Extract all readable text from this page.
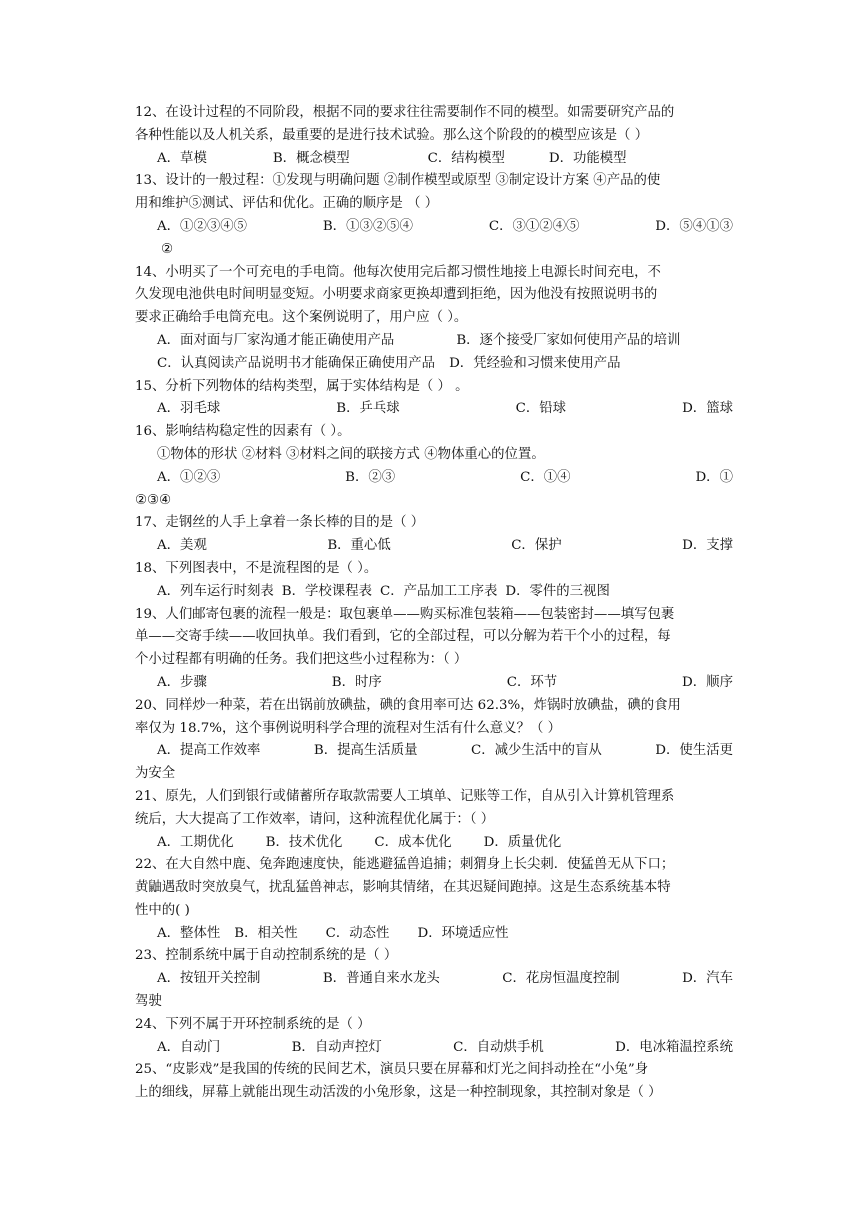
12、在设计过程的不同阶段，根据不同的要求往往需要制作不同的模型。如需要研究产品的
各种性能以及人机关系，最重要的是进行技术试验。那么这个阶段的的模型应该是（ ）
A．草模	B．概念模型	C．结构模型	D．功能模型
13、设计的一般过程：①发现与明确问题 ②制作模型或原型 ③制定设计方案 ④产品的使
用和维护⑤测试、评估和优化。正确的顺序是 （ ）
A．①②③④⑤	B．①③②⑤④	C．③①②④⑤	D．⑤④①③
②
14、小明买了一个可充电的手电筒。他每次使用完后都习惯性地接上电源长时间充电，不
久发现电池供电时间明显变短。小明要求商家更换却遭到拒绝，因为他没有按照说明书的
要求正确给手电筒充电。这个案例说明了，用户应（ ）。
A．面对面与厂家沟通才能正确使用产品	B．逐个接受厂家如何使用产品的培训
C．认真阅读产品说明书才能确保正确使用产品 D．凭经验和习惯来使用产品
15、分析下列物体的结构类型，属于实体结构是（ ） 。
A．羽毛球	B．乒乓球	C．铅球	D．篮球
16、影响结构稳定性的因素有（ ）。
①物体的形状 ②材料 ③材料之间的联接方式 ④物体重心的位置。
A．①②③	B．②③	C．①④	D．①
②③④
17、走钢丝的人手上拿着一条长棒的目的是（ ）
A．美观	B．重心低	C．保护	D．支撑
18、下列图表中，不是流程图的是（ ）。
A．列车运行时刻表 B．学校课程表 C．产品加工工序表 D．零件的三视图
19、人们邮寄包裹的流程一般是：取包裹单——购买标准包装箱——包装密封——填写包裹
单——交寄手续——收回执单。我们看到，它的全部过程，可以分解为若干个小的过程，每
个小过程都有明确的任务。我们把这些小过程称为：（ ）
A．步骤	B．时序	C．环节	D．顺序
20、同样炒一种菜，若在出锅前放碘盐，碘的食用率可达 62.3%，炸锅时放碘盐，碘的食用
率仅为 18.7%，这个事例说明科学合理的流程对生活有什么意义？（ ）
A．提高工作效率	B．提高生活质量	C．减少生活中的盲从	D．使生活更
为安全
21、原先，人们到银行或储蓄所存取款需要人工填单、记账等工作，自从引入计算机管理系
统后，大大提高了工作效率，请问，这种流程优化属于：（ ）
A．工期优化 B．技术优化 C．成本优化 D．质量优化
22、在大自然中鹿、兔奔跑速度快，能逃避猛兽追捕；刺猬身上长尖刺．使猛兽无从下口；
黄鼬遇敌时突放臭气，扰乱猛兽神志，影响其情绪，在其迟疑间跑掉。这是生态系统基本特
性中的( )
A．整体性 B．相关性 C．动态性 D．环境适应性
23、控制系统中属于自动控制系统的是（ ）
A．按钮开关控制	B．普通自来水龙头	C．花房恒温度控制	D．汽车
驾驶
24、下列不属于开环控制系统的是（ ）
A．自动门	B．自动声控灯	C．自动烘手机	D．电冰箱温控系统
25、“皮影戏”是我国的传统的民间艺术，演员只要在屏幕和灯光之间抖动拴在“小兔”身
上的细线，屏幕上就能出现生动活泼的小兔形象，这是一种控制现象，其控制对象是（ ）
